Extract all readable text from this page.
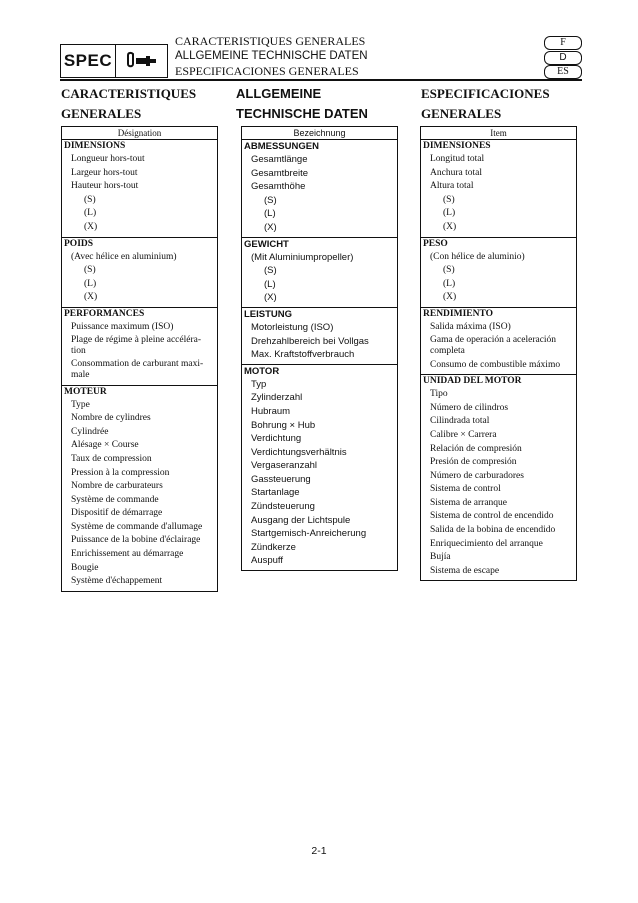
SPEC
CARACTERISTIQUES GENERALES
ALLGEMEINE TECHNISCHE DATEN
ESPECIFICACIONES GENERALES
F
D
ES
CARACTERISTIQUES
GENERALES
ALLGEMEINE
TECHNISCHE DATEN
ESPECIFICACIONES
GENERALES
Désignation
DIMENSIONS
Longueur hors-tout
Largeur hors-tout
Hauteur hors-tout
(S)
(L)
(X)
POIDS
(Avec hélice en aluminium)
(S)
(L)
(X)
PERFORMANCES
Puissance maximum (ISO)
Plage de régime à pleine accéléra-tion
Consommation de carburant maxi-male
MOTEUR
Type
Nombre de cylindres
Cylindrée
Alésage × Course
Taux de compression
Pression à la compression
Nombre de carburateurs
Système de commande
Dispositif de démarrage
Système de commande d'allumage
Puissance de la bobine d'éclairage
Enrichissement au démarrage
Bougie
Système d'échappement
Bezeichnung
ABMESSUNGEN
Gesamtlänge
Gesamtbreite
Gesamthöhe
(S)
(L)
(X)
GEWICHT
(Mit Aluminiumpropeller)
(S)
(L)
(X)
LEISTUNG
Motorleistung (ISO)
Drehzahlbereich bei Vollgas
Max. Kraftstoffverbrauch
MOTOR
Typ
Zylinderzahl
Hubraum
Bohrung × Hub
Verdichtung
Verdichtungsverhältnis
Vergaseranzahl
Gassteuerung
Startanlage
Zündsteuerung
Ausgang der Lichtspule
Startgemisch-Anreicherung
Zündkerze
Auspuff
Item
DIMENSIONES
Longitud total
Anchura total
Altura total
(S)
(L)
(X)
PESO
(Con hélice de aluminio)
(S)
(L)
(X)
RENDIMIENTO
Salida máxima (ISO)
Gama de operación a aceleración completa
Consumo de combustible máximo
UNIDAD DEL MOTOR
Tipo
Número de cilindros
Cilindrada total
Calibre × Carrera
Relación de compresión
Presión de compresión
Número de carburadores
Sistema de control
Sistema de arranque
Sistema de control de encendido
Salida de la bobina de encendido
Enriquecimiento del arranque
Bujía
Sistema de escape
2-1
